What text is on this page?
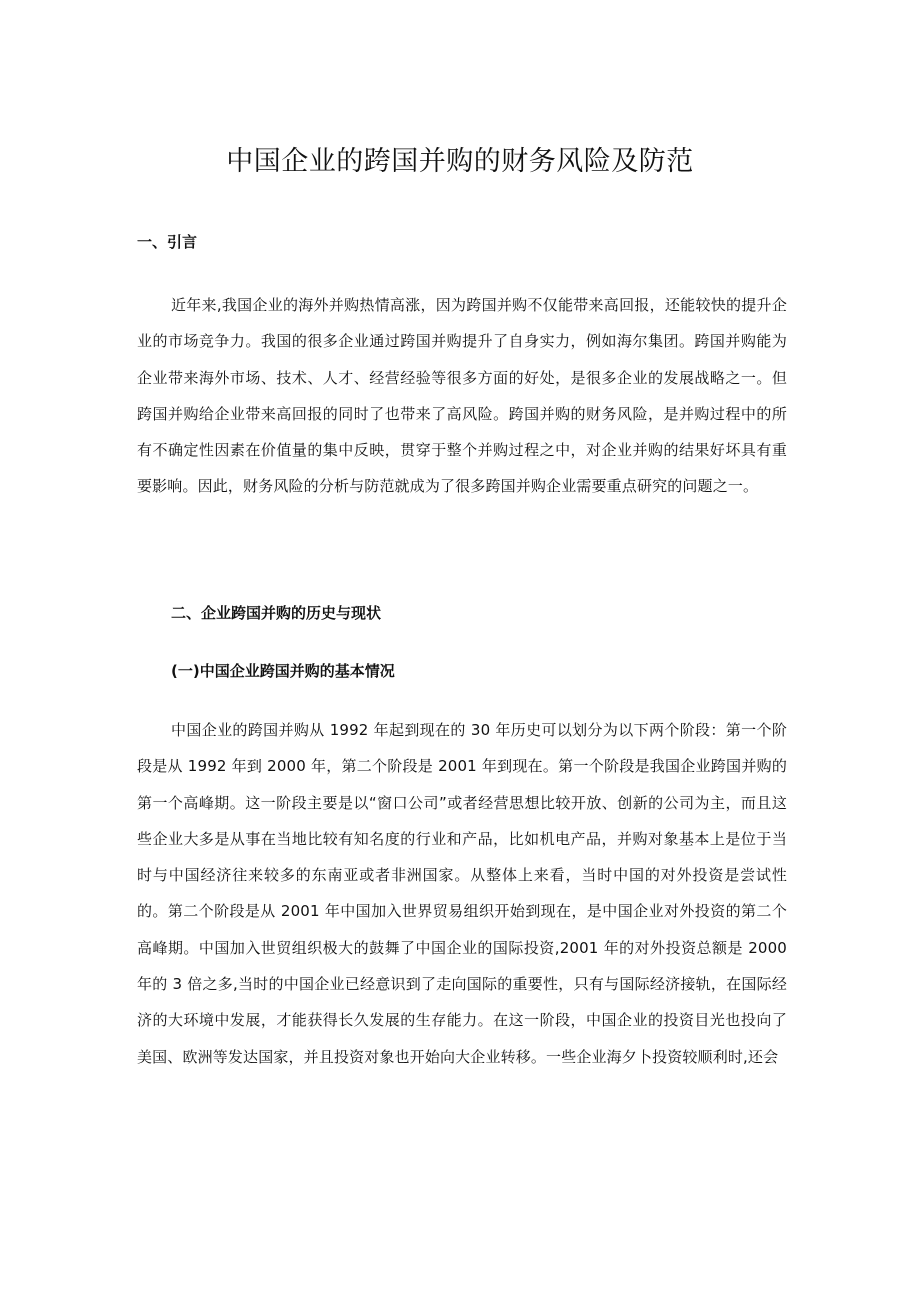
中国企业的跨国并购的财务风险及防范
一、引言

近年来,我国企业的海外并购热情高涨，因为跨国并购不仅能带来高回报，还能较快的提升企业的市场竞争力。我国的很多企业通过跨国并购提升了自身实力，例如海尔集团。跨国并购能为企业带来海外市场、技术、人才、经营经验等很多方面的好处，是很多企业的发展战略之一。但跨国并购给企业带来高回报的同时了也带来了高风险。跨国并购的财务风险，是并购过程中的所有不确定性因素在价值量的集中反映，贯穿于整个并购过程之中，对企业并购的结果好坏具有重要影响。因此，财务风险的分析与防范就成为了很多跨国并购企业需要重点研究的问题之一。

二、企业跨国并购的历史与现状
(一)中国企业跨国并购的基本情况

中国企业的跨国并购从 1992 年起到现在的 30 年历史可以划分为以下两个阶段：第一个阶段是从 1992 年到 2000 年，第二个阶段是 2001 年到现在。第一个阶段是我国企业跨国并购的第一个高峰期。这一阶段主要是以“窗口公司”或者经营思想比较开放、创新的公司为主，而且这些企业大多是从事在当地比较有知名度的行业和产品，比如机电产品，并购对象基本上是位于当时与中国经济往来较多的东南亚或者非洲国家。从整体上来看，当时中国的对外投资是尝试性的。第二个阶段是从 2001 年中国加入世界贸易组织开始到现在，是中国企业对外投资的第二个高峰期。中国加入世贸组织极大的鼓舞了中国企业的国际投资,2001 年的对外投资总额是 2000 年的 3 倍之多,当时的中国企业已经意识到了走向国际的重要性，只有与国际经济接轨，在国际经济的大环境中发展，才能获得长久发展的生存能力。在这一阶段，中国企业的投资目光也投向了美国、欧洲等发达国家，并且投资对象也开始向大企业转移。一些企业海夕卜投资较顺利时,还会
